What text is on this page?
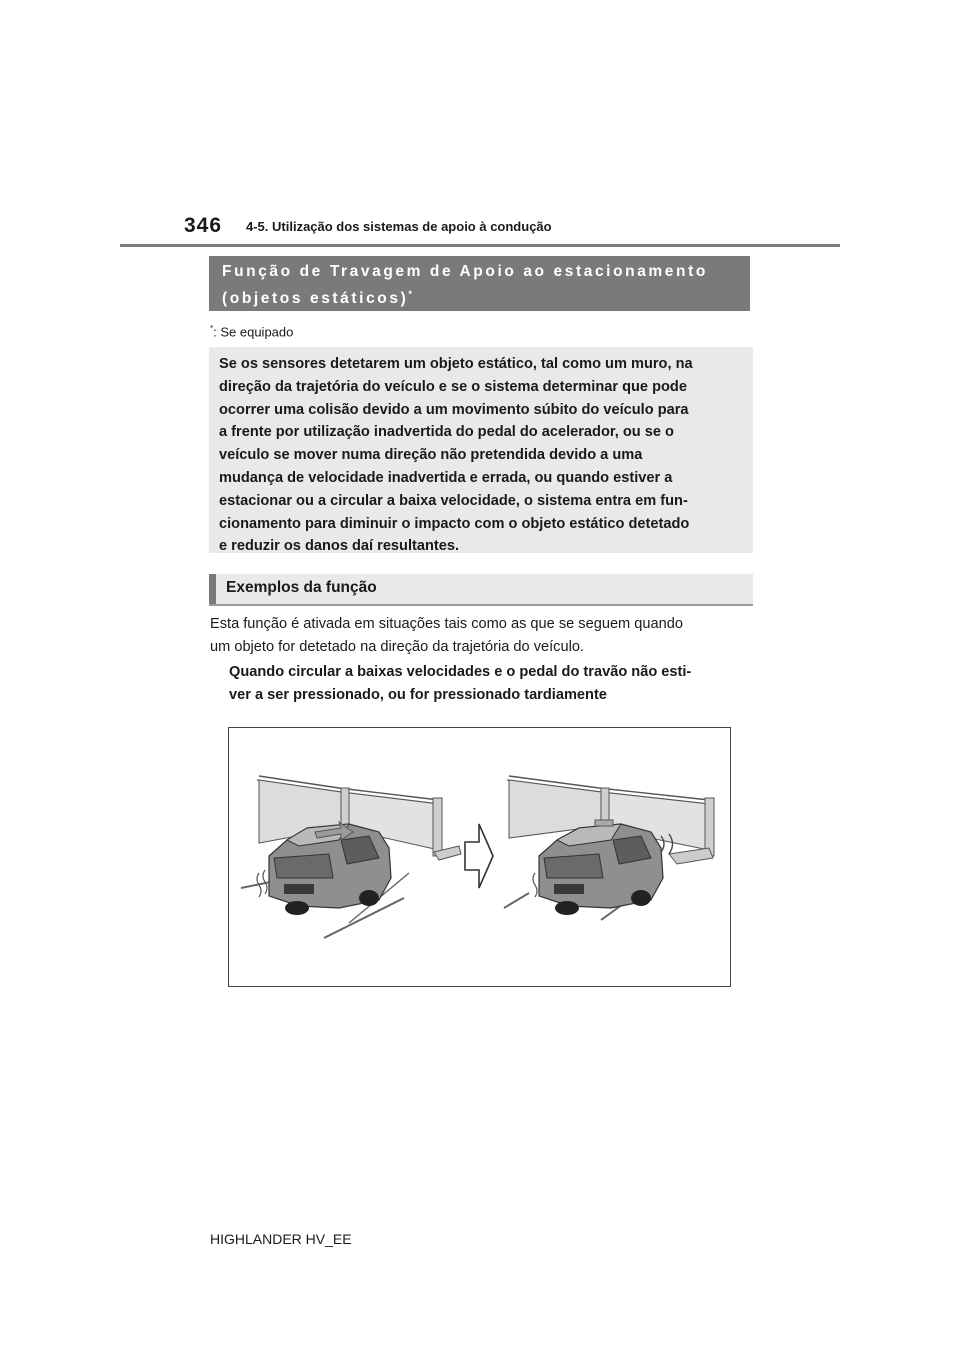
346 4-5. Utilização dos sistemas de apoio à condução
Função de Travagem de Apoio ao estacionamento
(objetos estáticos)*
*: Se equipado
Se os sensores detetarem um objeto estático, tal como um muro, na
direção da trajetória do veículo e se o sistema determinar que pode
ocorrer uma colisão devido a um movimento súbito do veículo para
a frente por utilização inadvertida do pedal do acelerador, ou se o
veículo se mover numa direção não pretendida devido a uma
mudança de velocidade inadvertida e errada, ou quando estiver a
estacionar ou a circular a baixa velocidade, o sistema entra em fun-
cionamento para diminuir o impacto com o objeto estático detetado
e reduzir os danos daí resultantes.
Exemplos da função
Esta função é ativada em situações tais como as que se seguem quando
um objeto for detetado na direção da trajetória do veículo.
Quando circular a baixas velocidades e o pedal do travão não esti-
ver a ser pressionado, ou for pressionado tardiamente
HIGHLANDER HV_EE
